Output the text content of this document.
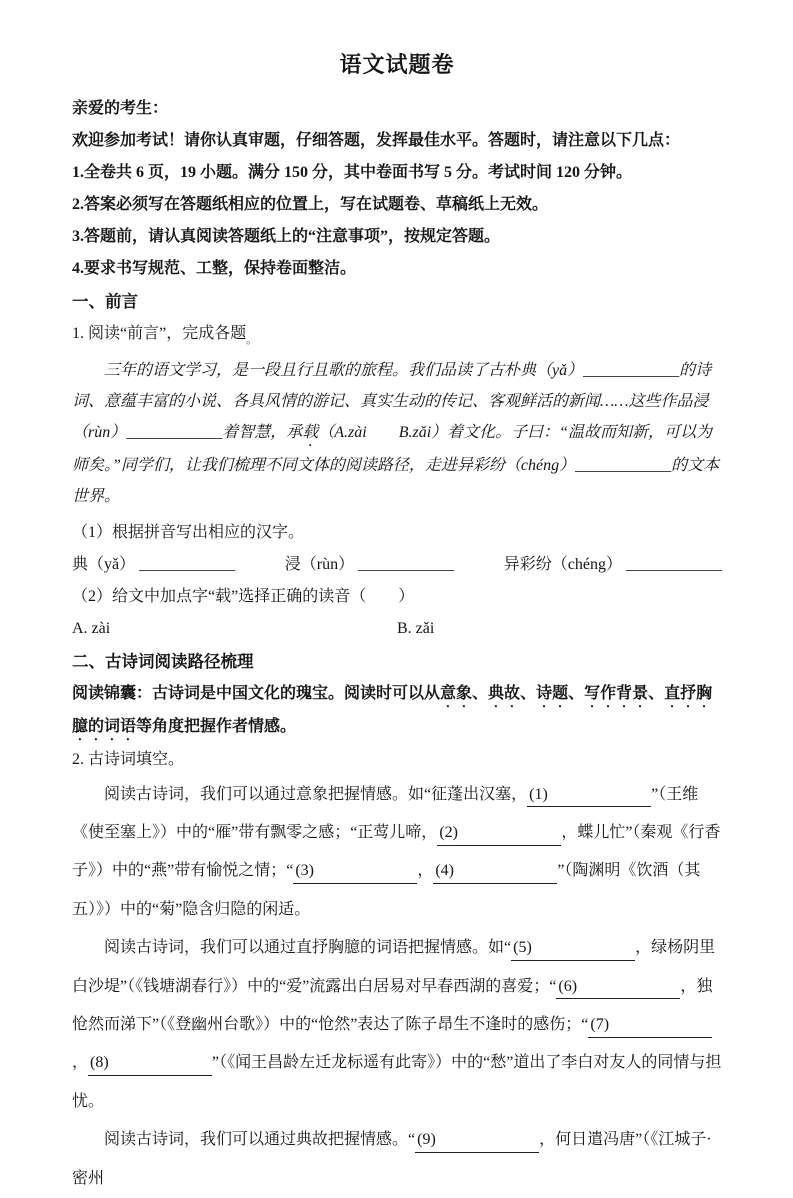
语文试题卷

亲爱的考生：

欢迎参加考试！请你认真审题，仔细答题，发挥最佳水平。答题时，请注意以下几点：

1.全卷共 6 页，19 小题。满分 150 分，其中卷面书写 5 分。考试时间 120 分钟。

2.答案必须写在答题纸相应的位置上，写在试题卷、草稿纸上无效。

3.答题前，请认真阅读答题纸上的“注意事项”，按规定答题。

4.要求书写规范、工整，保持卷面整洁。

一、前言

1. 阅读“前言”，完成各题$_。$

三年的语文学习，是一段且行且歌的旅程。我们品读了古朴典（yǎ）____________的诗词、意蕴丰富的小说、各具风情的游记、真实生动的传记、客观鲜活的新闻……这些作品浸（rùn）____________着智慧，承载（A.zài　　B.zǎi）着文化。子曰：“温故而知新，可以为师矣。”同学们，让我们梳理不同文体的阅读路径，走进异彩纷（chéng）____________的文本世界。

（1）根据拼音写出相应的汉字。

典（yǎ） ____________	浸（rùn） ____________	异彩纷（chéng） ____________

（2）给文中加点字“载”选择正确的读音（　　）

A. zài	B. zǎi
二、古诗词阅读路径梳理

阅读锦囊：古诗词是中国文化的瑰宝。阅读时可以从意象、典故、诗题、写作背景、直抒胸臆的词语等角度把握作者情感。

2. 古诗词填空。

阅读古诗词，我们可以通过意象把握情感。如“征蓬出汉塞， (1)	”（王维《使至塞上》）中的“雁”带有飘零之感；“正莺儿啼， (2)	，蝶儿忙”（秦观《行香子》）中的“燕”带有愉悦之情；“ (3)	， (4)	”（陶渊明《饮酒（其五）》）中的“菊”隐含归隐的闲适。

阅读古诗词，我们可以通过直抒胸臆的词语把握情感。如“ (5)	，绿杨阴里白沙堤”（《钱塘湖春行》）中的“爱”流露出白居易对早春西湖的喜爱；“ (6)	，独怆然而涕下”（《登幽州台歌》）中的“怆然”表达了陈子昂生不逢时的感伤；“ (7)， (8)	”（《闻王昌龄左迁龙标遥有此寄》）中的“愁”道出了李白对友人的同情与担忧。

阅读古诗词，我们可以通过典故把握情感。“ (9)	，何日遣冯唐”（《江城子·密州
